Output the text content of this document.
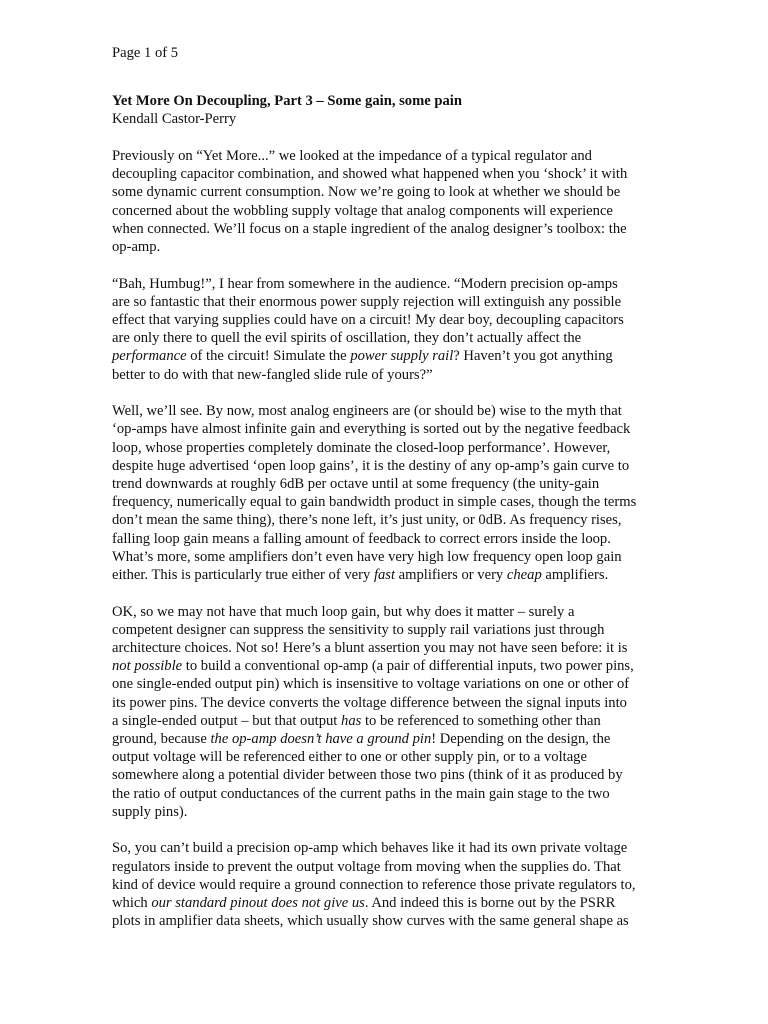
Page 1 of 5
Yet More On Decoupling, Part 3 – Some gain, some pain
Kendall Castor-Perry

Previously on “Yet More...” we looked at the impedance of a typical regulator and
decoupling capacitor combination, and showed what happened when you ‘shock’ it with
some dynamic current consumption. Now we’re going to look at whether we should be
concerned about the wobbling supply voltage that analog components will experience
when connected. We’ll focus on a staple ingredient of the analog designer’s toolbox: the
op-amp.

“Bah, Humbug!”, I hear from somewhere in the audience. “Modern precision op-amps
are so fantastic that their enormous power supply rejection will extinguish any possible
effect that varying supplies could have on a circuit! My dear boy, decoupling capacitors
are only there to quell the evil spirits of oscillation, they don’t actually affect the
performance of the circuit! Simulate the power supply rail? Haven’t you got anything
better to do with that new-fangled slide rule of yours?”

Well, we’ll see. By now, most analog engineers are (or should be) wise to the myth that
‘op-amps have almost infinite gain and everything is sorted out by the negative feedback
loop, whose properties completely dominate the closed-loop performance’. However,
despite huge advertised ‘open loop gains’, it is the destiny of any op-amp’s gain curve to
trend downwards at roughly 6dB per octave until at some frequency (the unity-gain
frequency, numerically equal to gain bandwidth product in simple cases, though the terms
don’t mean the same thing), there’s none left, it’s just unity, or 0dB. As frequency rises,
falling loop gain means a falling amount of feedback to correct errors inside the loop.
What’s more, some amplifiers don’t even have very high low frequency open loop gain
either. This is particularly true either of very fast amplifiers or very cheap amplifiers.

OK, so we may not have that much loop gain, but why does it matter – surely a
competent designer can suppress the sensitivity to supply rail variations just through
architecture choices. Not so! Here’s a blunt assertion you may not have seen before: it is
not possible to build a conventional op-amp (a pair of differential inputs, two power pins,
one single-ended output pin) which is insensitive to voltage variations on one or other of
its power pins. The device converts the voltage difference between the signal inputs into
a single-ended output – but that output has to be referenced to something other than
ground, because the op-amp doesn’t have a ground pin! Depending on the design, the
output voltage will be referenced either to one or other supply pin, or to a voltage
somewhere along a potential divider between those two pins (think of it as produced by
the ratio of output conductances of the current paths in the main gain stage to the two
supply pins).

So, you can’t build a precision op-amp which behaves like it had its own private voltage
regulators inside to prevent the output voltage from moving when the supplies do. That
kind of device would require a ground connection to reference those private regulators to,
which our standard pinout does not give us. And indeed this is borne out by the PSRR
plots in amplifier data sheets, which usually show curves with the same general shape as
